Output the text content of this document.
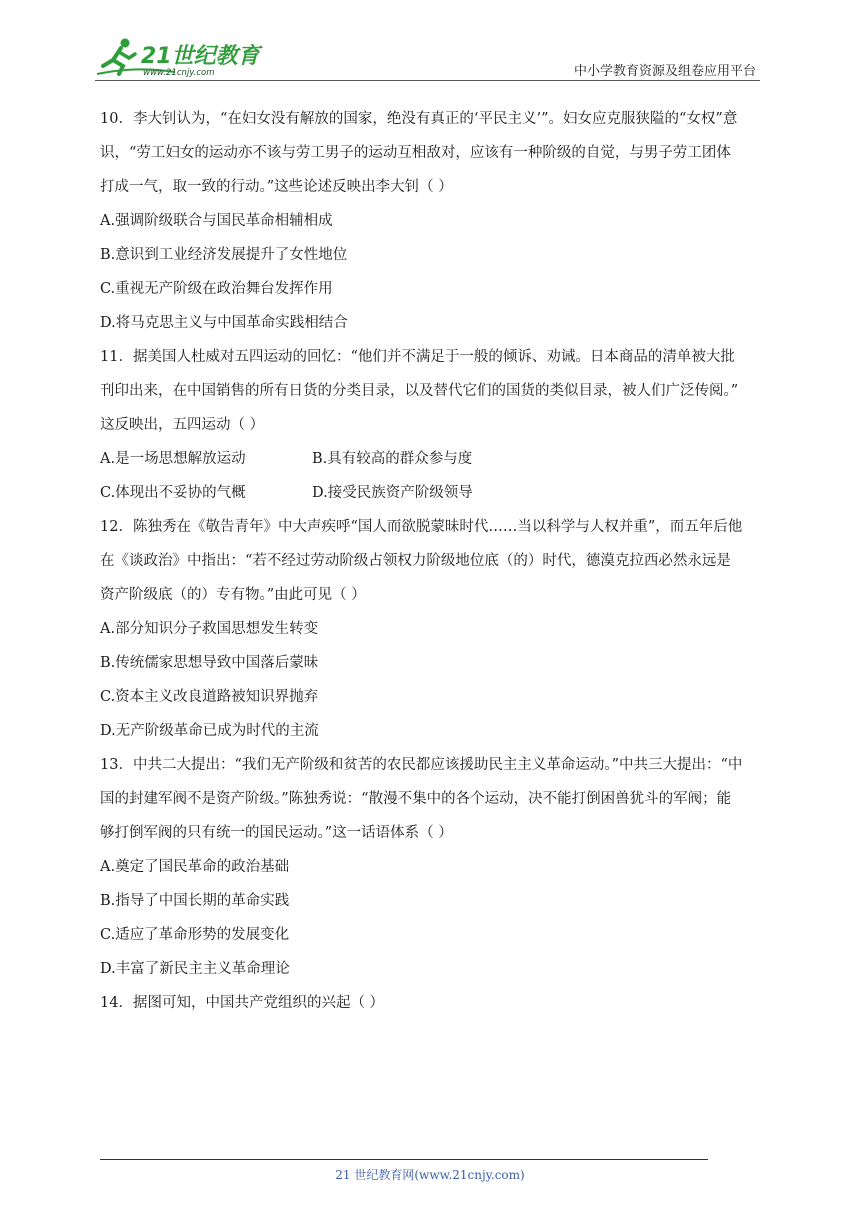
21世纪教育
www.21cnjy.com	中小学教育资源及组卷应用平台

10．李大钊认为，“在妇女没有解放的国家，绝没有真正的‘平民主义’”。妇女应克服狭隘的“女权”意

识，“劳工妇女的运动亦不该与劳工男子的运动互相敌对，应该有一种阶级的自觉，与男子劳工团体

打成一气，取一致的行动。”这些论述反映出李大钊（ ）

A.强调阶级联合与国民革命相辅相成

B.意识到工业经济发展提升了女性地位

C.重视无产阶级在政治舞台发挥作用

D.将马克思主义与中国革命实践相结合

11．据美国人杜威对五四运动的回忆：“他们并不满足于一般的倾诉、劝诫。日本商品的清单被大批

刊印出来，在中国销售的所有日货的分类目录，以及替代它们的国货的类似目录，被人们广泛传阅。”

这反映出，五四运动（ ）

A.是一场思想解放运动	B.具有较高的群众参与度

C.体现出不妥协的气概	D.接受民族资产阶级领导

12．陈独秀在《敬告青年》中大声疾呼“国人而欲脱蒙昧时代……当以科学与人权并重”，而五年后他

在《谈政治》中指出：“若不经过劳动阶级占领权力阶级地位底（的）时代，德漠克拉西必然永远是

资产阶级底（的）专有物。”由此可见（ ）

A.部分知识分子救国思想发生转变

B.传统儒家思想导致中国落后蒙昧

C.资本主义改良道路被知识界抛弃

D.无产阶级革命已成为时代的主流

13．中共二大提出：“我们无产阶级和贫苦的农民都应该援助民主主义革命运动。”中共三大提出：“中

国的封建军阀不是资产阶级。”陈独秀说：“散漫不集中的各个运动，决不能打倒困兽犹斗的军阀；能

够打倒军阀的只有统一的国民运动。”这一话语体系（ ）

A.奠定了国民革命的政治基础

B.指导了中国长期的革命实践

C.适应了革命形势的发展变化

D.丰富了新民主主义革命理论

14．据图可知，中国共产党组织的兴起（ ）

21 世纪教育网(www.21cnjy.com)
